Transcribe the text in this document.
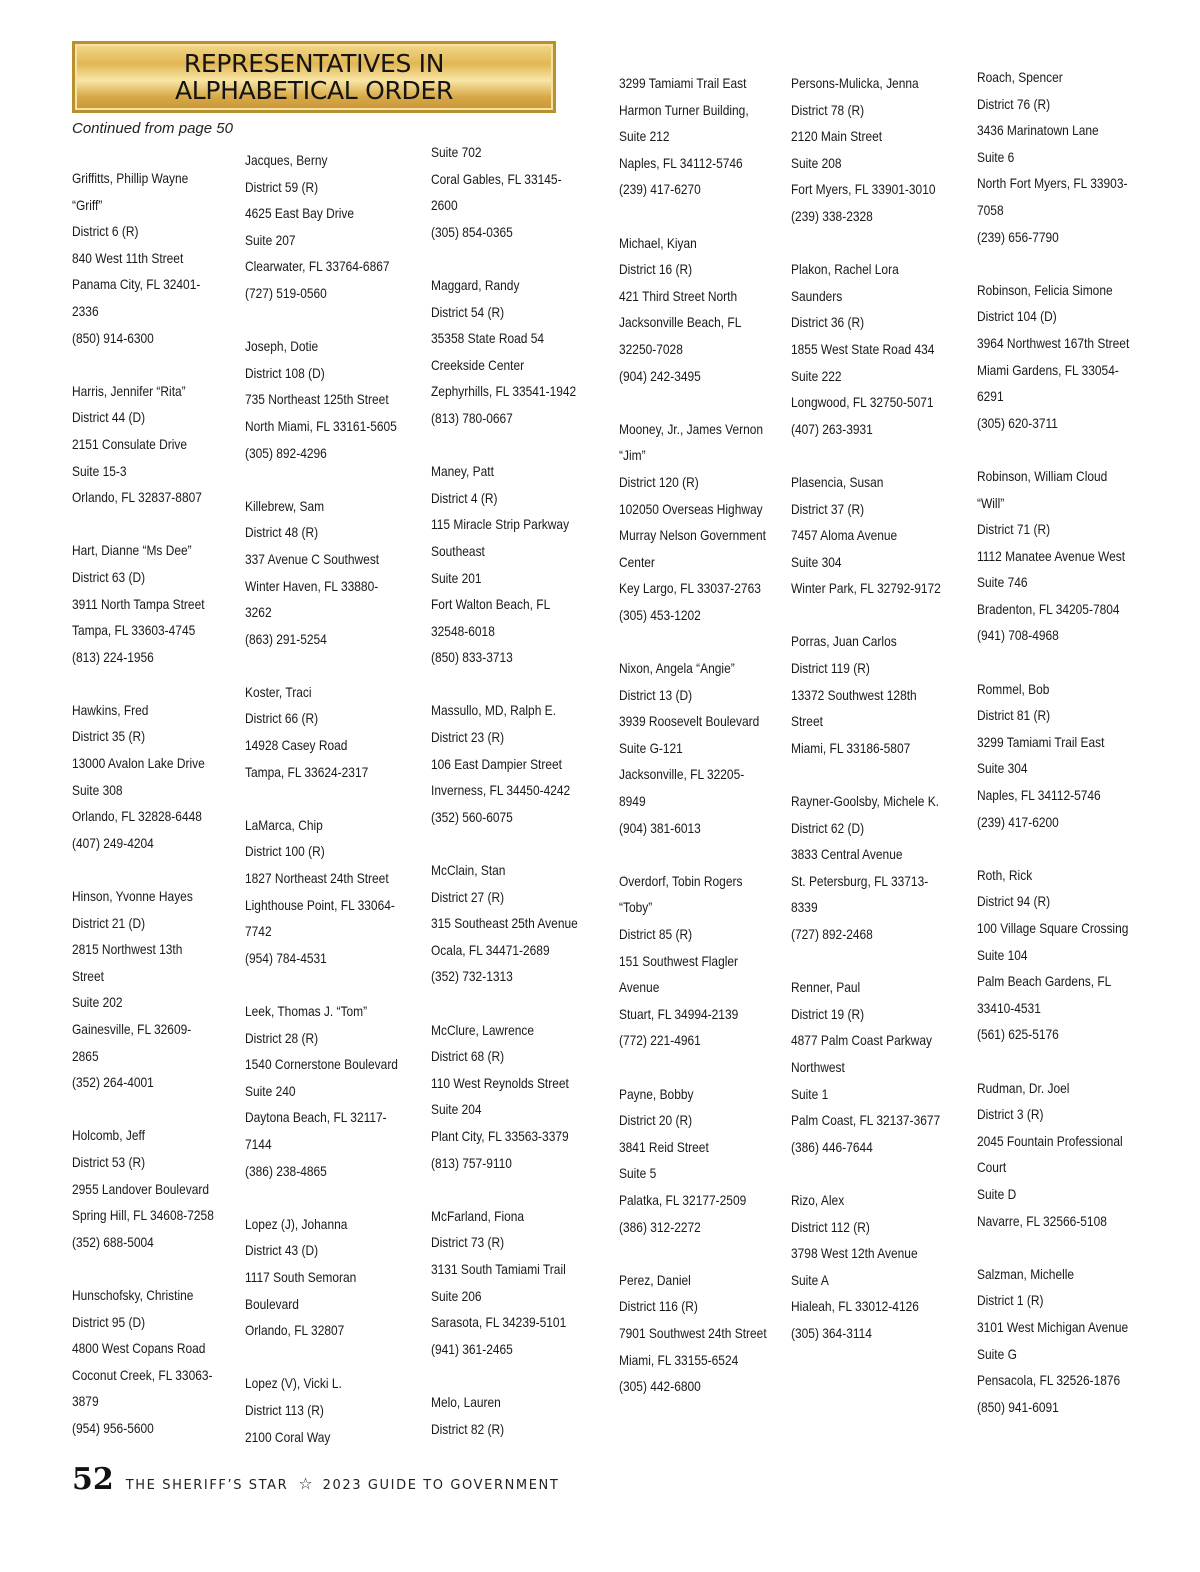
REPRESENTATIVES IN
ALPHABETICAL ORDER
Continued from page 50
Griffitts, Phillip Wayne
“Griff”
District 6 (R)
840 West 11th Street
Panama City, FL 32401-
2336
(850) 914-6300
Harris, Jennifer “Rita”
District 44 (D)
2151 Consulate Drive
Suite 15-3
Orlando, FL 32837-8807
Hart, Dianne “Ms Dee”
District 63 (D)
3911 North Tampa Street
Tampa, FL 33603-4745
(813) 224-1956
Hawkins, Fred
District 35 (R)
13000 Avalon Lake Drive
Suite 308
Orlando, FL 32828-6448
(407) 249-4204
Hinson, Yvonne Hayes
District 21 (D)
2815 Northwest 13th
Street
Suite 202
Gainesville, FL 32609-
2865
(352) 264-4001
Holcomb, Jeff
District 53 (R)
2955 Landover Boulevard
Spring Hill, FL 34608-7258
(352) 688-5004
Hunschofsky, Christine
District 95 (D)
4800 West Copans Road
Coconut Creek, FL 33063-
3879
(954) 956-5600
Jacques, Berny
District 59 (R)
4625 East Bay Drive
Suite 207
Clearwater, FL 33764-6867
(727) 519-0560
Joseph, Dotie
District 108 (D)
735 Northeast 125th Street
North Miami, FL 33161-5605
(305) 892-4296
Killebrew, Sam
District 48 (R)
337 Avenue C Southwest
Winter Haven, FL 33880-
3262
(863) 291-5254
Koster, Traci
District 66 (R)
14928 Casey Road
Tampa, FL 33624-2317
LaMarca, Chip
District 100 (R)
1827 Northeast 24th Street
Lighthouse Point, FL 33064-
7742
(954) 784-4531
Leek, Thomas J. “Tom”
District 28 (R)
1540 Cornerstone Boulevard
Suite 240
Daytona Beach, FL 32117-
7144
(386) 238-4865
Lopez (J), Johanna
District 43 (D)
1117 South Semoran
Boulevard
Orlando, FL 32807
Lopez (V), Vicki L.
District 113 (R)
2100 Coral Way
Suite 702
Coral Gables, FL 33145-
2600
(305) 854-0365
Maggard, Randy
District 54 (R)
35358 State Road 54
Creekside Center
Zephyrhills, FL 33541-1942
(813) 780-0667
Maney, Patt
District 4 (R)
115 Miracle Strip Parkway
Southeast
Suite 201
Fort Walton Beach, FL
32548-6018
(850) 833-3713
Massullo, MD, Ralph E.
District 23 (R)
106 East Dampier Street
Inverness, FL 34450-4242
(352) 560-6075
McClain, Stan
District 27 (R)
315 Southeast 25th Avenue
Ocala, FL 34471-2689
(352) 732-1313
McClure, Lawrence
District 68 (R)
110 West Reynolds Street
Suite 204
Plant City, FL 33563-3379
(813) 757-9110
McFarland, Fiona
District 73 (R)
3131 South Tamiami Trail
Suite 206
Sarasota, FL 34239-5101
(941) 361-2465
Melo, Lauren
District 82 (R)
3299 Tamiami Trail East
Harmon Turner Building,
Suite 212
Naples, FL 34112-5746
(239) 417-6270
Michael, Kiyan
District 16 (R)
421 Third Street North
Jacksonville Beach, FL
32250-7028
(904) 242-3495
Mooney, Jr., James Vernon
“Jim”
District 120 (R)
102050 Overseas Highway
Murray Nelson Government
Center
Key Largo, FL 33037-2763
(305) 453-1202
Nixon, Angela “Angie”
District 13 (D)
3939 Roosevelt Boulevard
Suite G-121
Jacksonville, FL 32205-
8949
(904) 381-6013
Overdorf, Tobin Rogers
“Toby”
District 85 (R)
151 Southwest Flagler
Avenue
Stuart, FL 34994-2139
(772) 221-4961
Payne, Bobby
District 20 (R)
3841 Reid Street
Suite 5
Palatka, FL 32177-2509
(386) 312-2272
Perez, Daniel
District 116 (R)
7901 Southwest 24th Street
Miami, FL 33155-6524
(305) 442-6800
Persons-Mulicka, Jenna
District 78 (R)
2120 Main Street
Suite 208
Fort Myers, FL 33901-3010
(239) 338-2328
Plakon, Rachel Lora
Saunders
District 36 (R)
1855 West State Road 434
Suite 222
Longwood, FL 32750-5071
(407) 263-3931
Plasencia, Susan
District 37 (R)
7457 Aloma Avenue
Suite 304
Winter Park, FL 32792-9172
Porras, Juan Carlos
District 119 (R)
13372 Southwest 128th
Street
Miami, FL 33186-5807
Rayner-Goolsby, Michele K.
District 62 (D)
3833 Central Avenue
St. Petersburg, FL 33713-
8339
(727) 892-2468
Renner, Paul
District 19 (R)
4877 Palm Coast Parkway
Northwest
Suite 1
Palm Coast, FL 32137-3677
(386) 446-7644
Rizo, Alex
District 112 (R)
3798 West 12th Avenue
Suite A
Hialeah, FL 33012-4126
(305) 364-3114
Roach, Spencer
District 76 (R)
3436 Marinatown Lane
Suite 6
North Fort Myers, FL 33903-
7058
(239) 656-7790
Robinson, Felicia Simone
District 104 (D)
3964 Northwest 167th Street
Miami Gardens, FL 33054-
6291
(305) 620-3711
Robinson, William Cloud
“Will”
District 71 (R)
1112 Manatee Avenue West
Suite 746
Bradenton, FL 34205-7804
(941) 708-4968
Rommel, Bob
District 81 (R)
3299 Tamiami Trail East
Suite 304
Naples, FL 34112-5746
(239) 417-6200
Roth, Rick
District 94 (R)
100 Village Square Crossing
Suite 104
Palm Beach Gardens, FL
33410-4531
(561) 625-5176
Rudman, Dr. Joel
District 3 (R)
2045 Fountain Professional
Court
Suite D
Navarre, FL 32566-5108
Salzman, Michelle
District 1 (R)
3101 West Michigan Avenue
Suite G
Pensacola, FL 32526-1876
(850) 941-6091
52 THE SHERIFF’S STAR ☆ 2023 GUIDE TO GOVERNMENT
